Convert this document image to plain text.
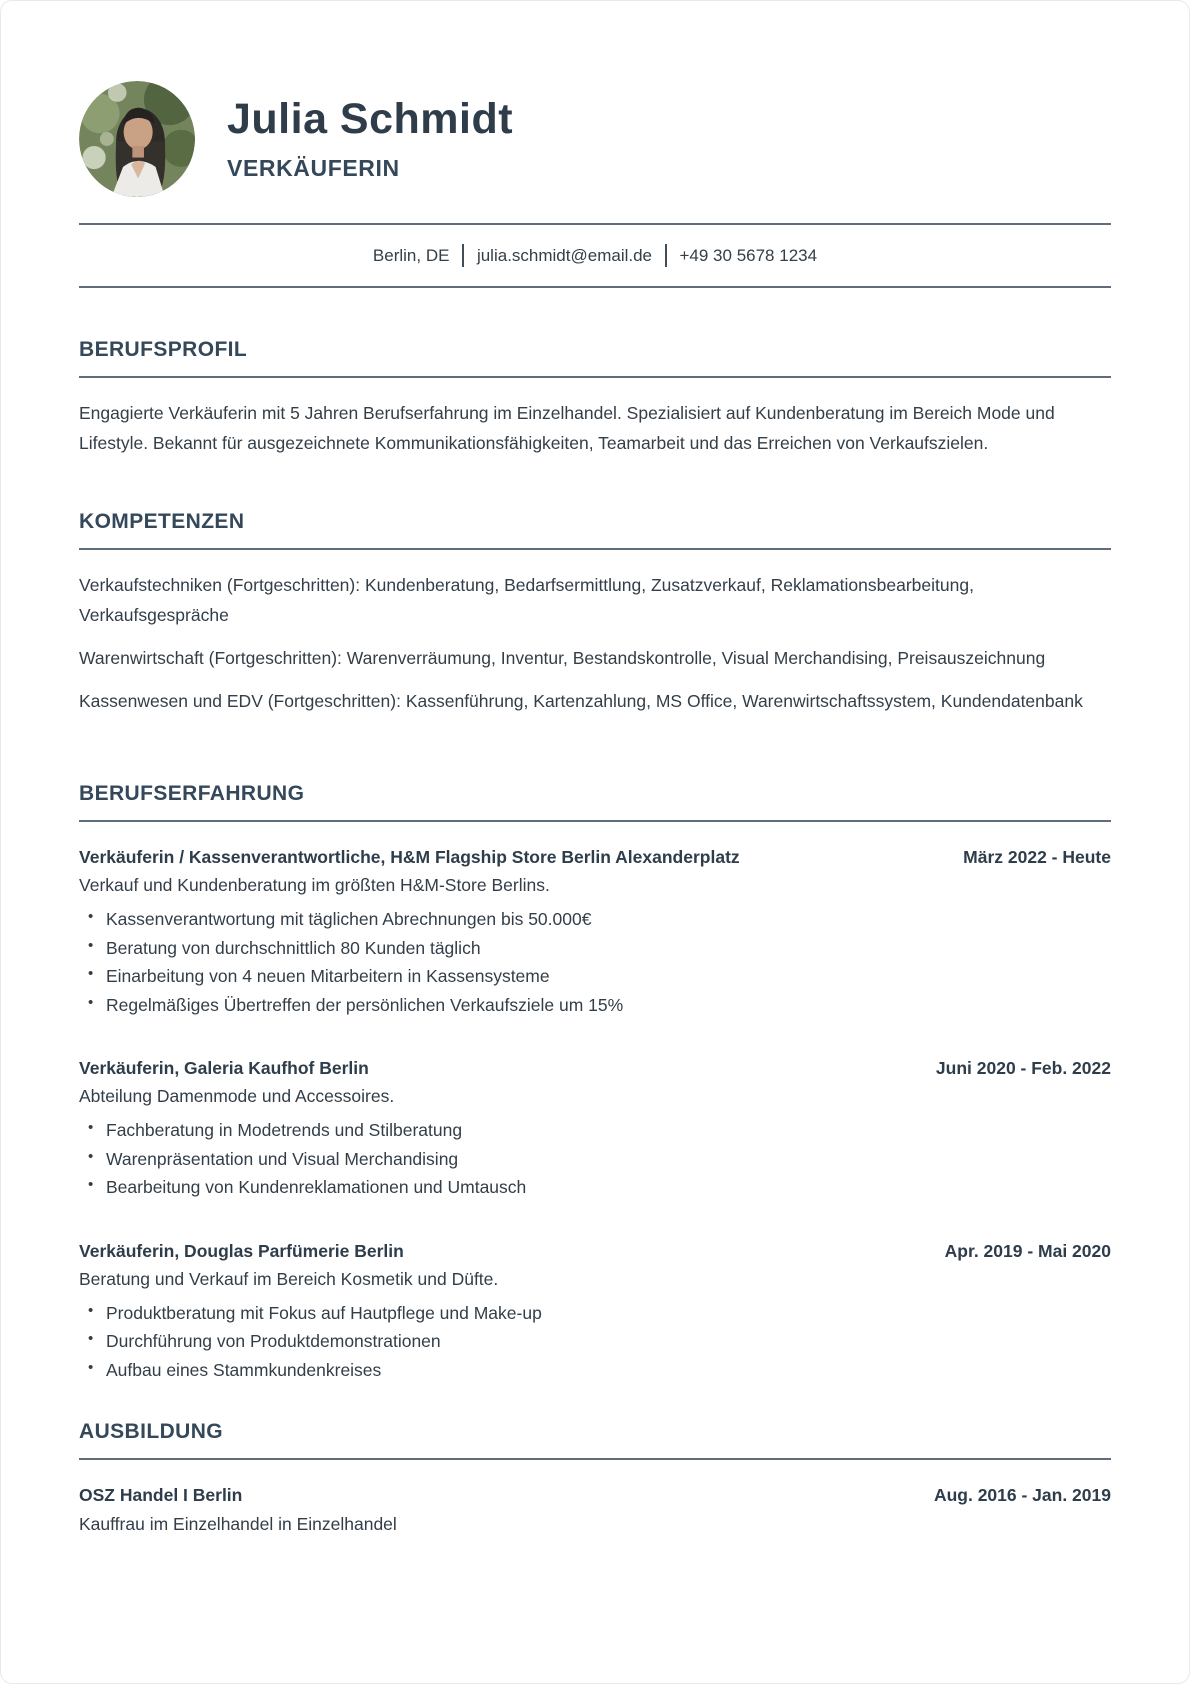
Julia Schmidt
VERKÄUFERIN
Berlin, DE julia.schmidt@email.de +49 30 5678 1234
BERUFSPROFIL

Engagierte Verkäuferin mit 5 Jahren Berufserfahrung im Einzelhandel. Spezialisiert auf Kundenberatung im Bereich Mode und Lifestyle. Bekannt für ausgezeichnete Kommunikationsfähigkeiten, Teamarbeit und das Erreichen von Verkaufszielen.

KOMPETENZEN

Verkaufstechniken (Fortgeschritten): Kundenberatung, Bedarfsermittlung, Zusatzverkauf, Reklamationsbearbeitung, Verkaufsgespräche

Warenwirtschaft (Fortgeschritten): Warenverräumung, Inventur, Bestandskontrolle, Visual Merchandising, Preisauszeichnung

Kassenwesen und EDV (Fortgeschritten): Kassenführung, Kartenzahlung, MS Office, Warenwirtschaftssystem, Kundendatenbank

BERUFSERFAHRUNG
Verkäuferin / Kassenverantwortliche, H&M Flagship Store Berlin Alexanderplatz	März 2022 - Heute
Verkauf und Kundenberatung im größten H&M-Store Berlins.
• Kassenverantwortung mit täglichen Abrechnungen bis 50.000€
• Beratung von durchschnittlich 80 Kunden täglich
• Einarbeitung von 4 neuen Mitarbeitern in Kassensysteme
• Regelmäßiges Übertreffen der persönlichen Verkaufsziele um 15%
Verkäuferin, Galeria Kaufhof Berlin	Juni 2020 - Feb. 2022
Abteilung Damenmode und Accessoires.
• Fachberatung in Modetrends und Stilberatung
• Warenpräsentation und Visual Merchandising
• Bearbeitung von Kundenreklamationen und Umtausch
Verkäuferin, Douglas Parfümerie Berlin	Apr. 2019 - Mai 2020
Beratung und Verkauf im Bereich Kosmetik und Düfte.
• Produktberatung mit Fokus auf Hautpflege und Make-up
• Durchführung von Produktdemonstrationen
• Aufbau eines Stammkundenkreises
AUSBILDUNG
OSZ Handel I Berlin	Aug. 2016 - Jan. 2019
Kauffrau im Einzelhandel in Einzelhandel
